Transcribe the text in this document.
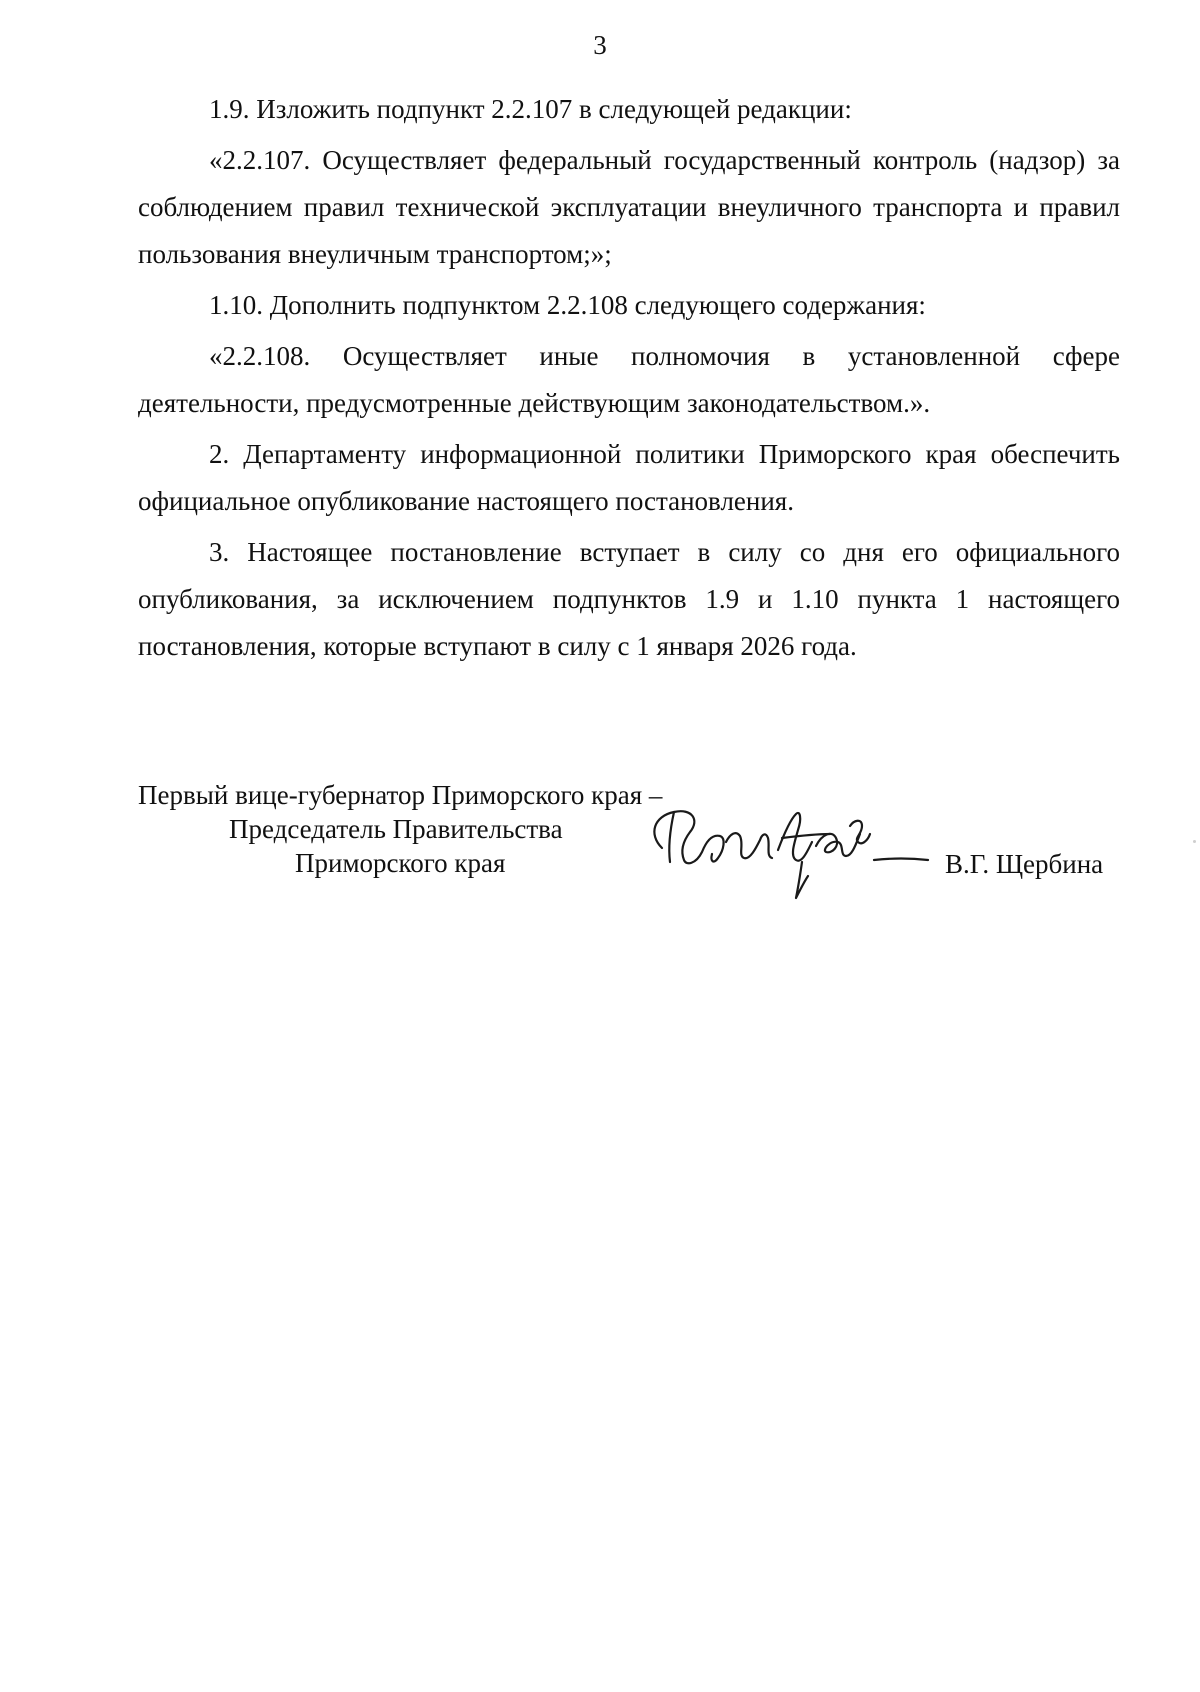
3

1.9. Изложить подпункт 2.2.107 в следующей редакции:

«2.2.107. Осуществляет федеральный государственный контроль (надзор) за соблюдением правил технической эксплуатации внеуличного транспорта и правил пользования внеуличным транспортом;»;

1.10. Дополнить подпунктом 2.2.108 следующего содержания:

«2.2.108. Осуществляет иные полномочия в установленной сфере деятельности, предусмотренные действующим законодательством.».

2. Департаменту информационной политики Приморского края обеспечить официальное опубликование настоящего постановления.

3. Настоящее постановление вступает в силу со дня его официального опубликования, за исключением подпунктов 1.9 и 1.10 пункта 1 настоящего постановления, которые вступают в силу с 1 января 2026 года.

Первый вице-губернатор Приморского края –
Председатель Правительства
Приморского края	В.Г. Щербина
